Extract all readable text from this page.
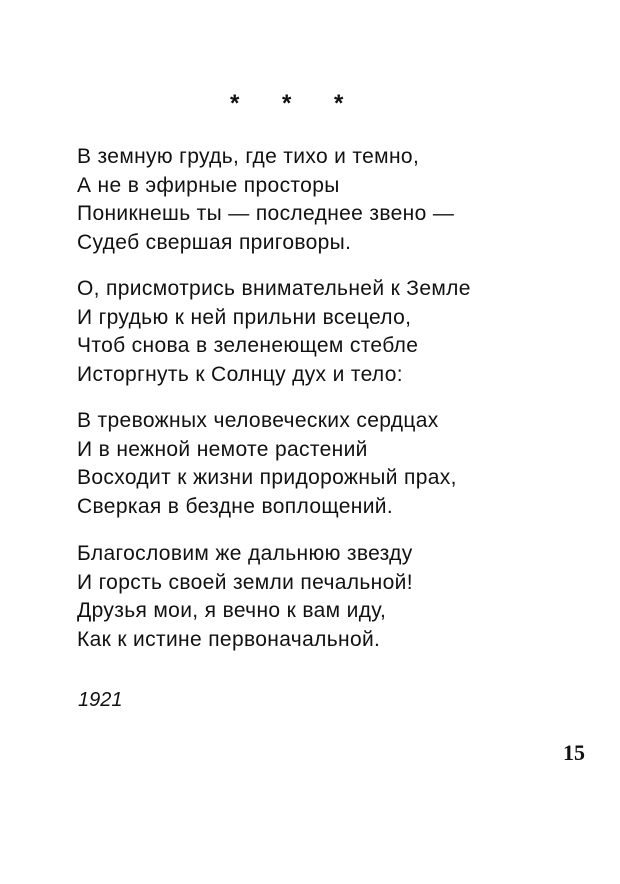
* * *
В земную грудь, где тихо и темно,
А не в эфирные просторы
Поникнешь ты — последнее звено —
Судеб свершая приговоры.
О, присмотрись внимательней к Земле
И грудью к ней прильни всецело,
Чтоб снова в зеленеющем стебле
Исторгнуть к Солнцу дух и тело:
В тревожных человеческих сердцах
И в нежной немоте растений
Восходит к жизни придорожный прах,
Сверкая в бездне воплощений.
Благословим же дальнюю звезду
И горсть своей земли печальной!
Друзья мои, я вечно к вам иду,
Как к истине первоначальной.
1921
15
